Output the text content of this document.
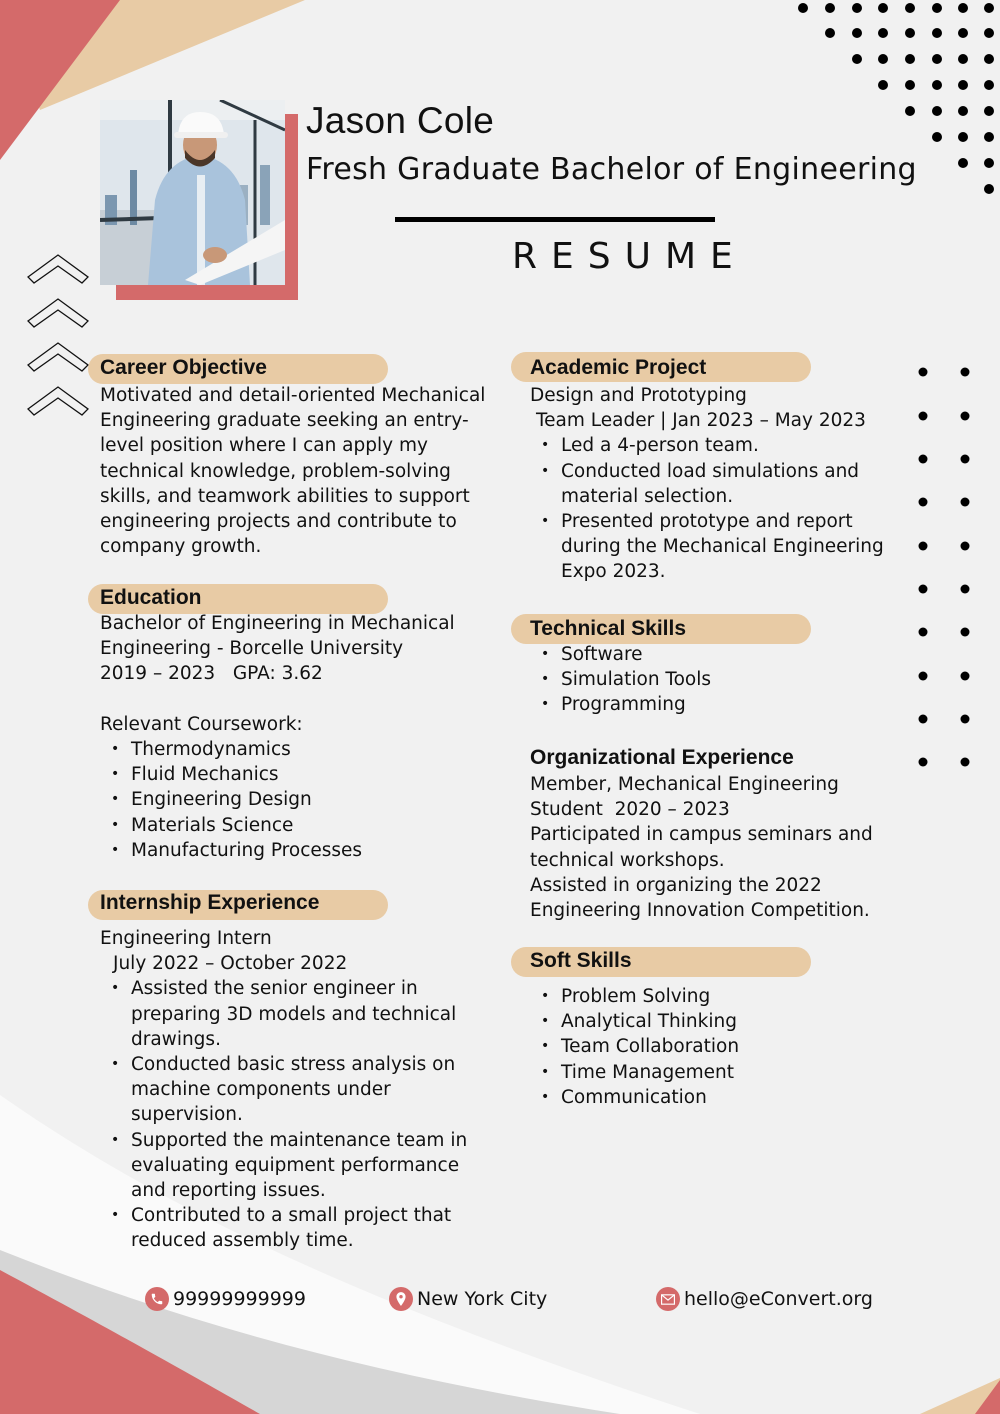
Jason Cole
Fresh Graduate Bachelor of Engineering
RESUME
Career Objective
Motivated and detail-oriented Mechanical
Engineering graduate seeking an entry-
level position where I can apply my
technical knowledge, problem-solving
skills, and teamwork abilities to support
engineering projects and contribute to
company growth.
Education
Bachelor of Engineering in Mechanical
Engineering - Borcelle University
2019 – 2023   GPA: 3.62

Relevant Coursework:
• Thermodynamics
• Fluid Mechanics
• Engineering Design
• Materials Science
• Manufacturing Processes
Internship Experience
Engineering Intern
July 2022 – October 2022
• Assisted the senior engineer in
preparing 3D models and technical
drawings.
• Conducted basic stress analysis on
machine components under
supervision.
• Supported the maintenance team in
evaluating equipment performance
and reporting issues.
• Contributed to a small project that
reduced assembly time.
Academic Project
Design and Prototyping
Team Leader | Jan 2023 – May 2023
• Led a 4-person team.
• Conducted load simulations and
material selection.
• Presented prototype and report
during the Mechanical Engineering
Expo 2023.
Technical Skills
• Software
• Simulation Tools
• Programming
Organizational Experience
Member, Mechanical Engineering
Student  2020 – 2023
Participated in campus seminars and
technical workshops.
Assisted in organizing the 2022
Engineering Innovation Competition.
Soft Skills
• Problem Solving
• Analytical Thinking
• Team Collaboration
• Time Management
• Communication
99999999999	New York City	hello@eConvert.org
